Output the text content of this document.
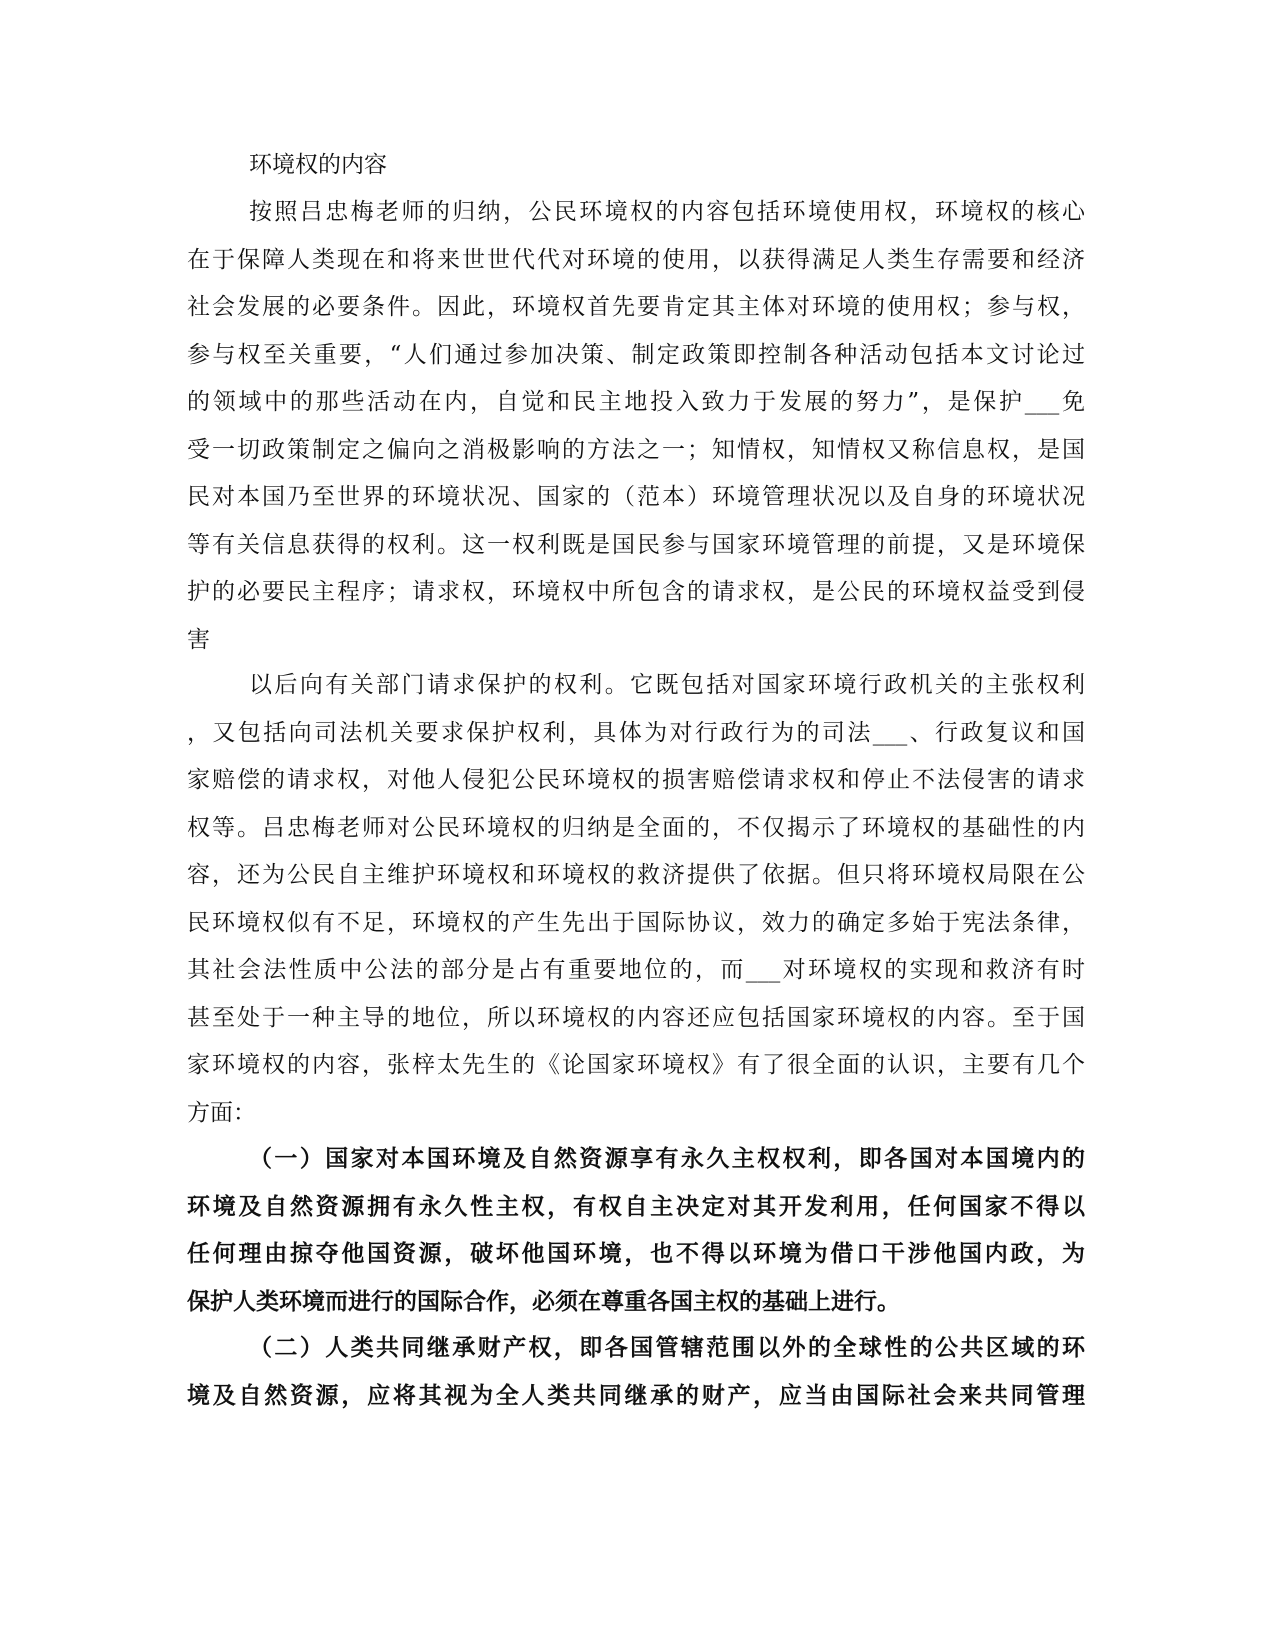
环境权的内容
按照吕忠梅老师的归纳，公民环境权的内容包括环境使用权，环境权的核心
在于保障人类现在和将来世世代代对环境的使用，以获得满足人类生存需要和经济
社会发展的必要条件。因此，环境权首先要肯定其主体对环境的使用权；参与权，
参与权至关重要，“人们通过参加决策、制定政策即控制各种活动包括本文讨论过
的领域中的那些活动在内，自觉和民主地投入致力于发展的努力”，是保护___免
受一切政策制定之偏向之消极影响的方法之一；知情权，知情权又称信息权，是国
民对本国乃至世界的环境状况、国家的（范本）环境管理状况以及自身的环境状况
等有关信息获得的权利。这一权利既是国民参与国家环境管理的前提，又是环境保
护的必要民主程序；请求权，环境权中所包含的请求权，是公民的环境权益受到侵
害
以后向有关部门请求保护的权利。它既包括对国家环境行政机关的主张权利
，又包括向司法机关要求保护权利，具体为对行政行为的司法___、行政复议和国
家赔偿的请求权，对他人侵犯公民环境权的损害赔偿请求权和停止不法侵害的请求
权等。吕忠梅老师对公民环境权的归纳是全面的，不仅揭示了环境权的基础性的内
容，还为公民自主维护环境权和环境权的救济提供了依据。但只将环境权局限在公
民环境权似有不足，环境权的产生先出于国际协议，效力的确定多始于宪法条律，
其社会法性质中公法的部分是占有重要地位的，而___对环境权的实现和救济有时
甚至处于一种主导的地位，所以环境权的内容还应包括国家环境权的内容。至于国
家环境权的内容，张梓太先生的《论国家环境权》有了很全面的认识，主要有几个
方面：
（一）国家对本国环境及自然资源享有永久主权权利，即各国对本国境内的
环境及自然资源拥有永久性主权，有权自主决定对其开发利用，任何国家不得以
任何理由掠夺他国资源，破坏他国环境，也不得以环境为借口干涉他国内政，为
保护人类环境而进行的国际合作，必须在尊重各国主权的基础上进行。
（二）人类共同继承财产权，即各国管辖范围以外的全球性的公共区域的环
境及自然资源，应将其视为全人类共同继承的财产，应当由国际社会来共同管理
